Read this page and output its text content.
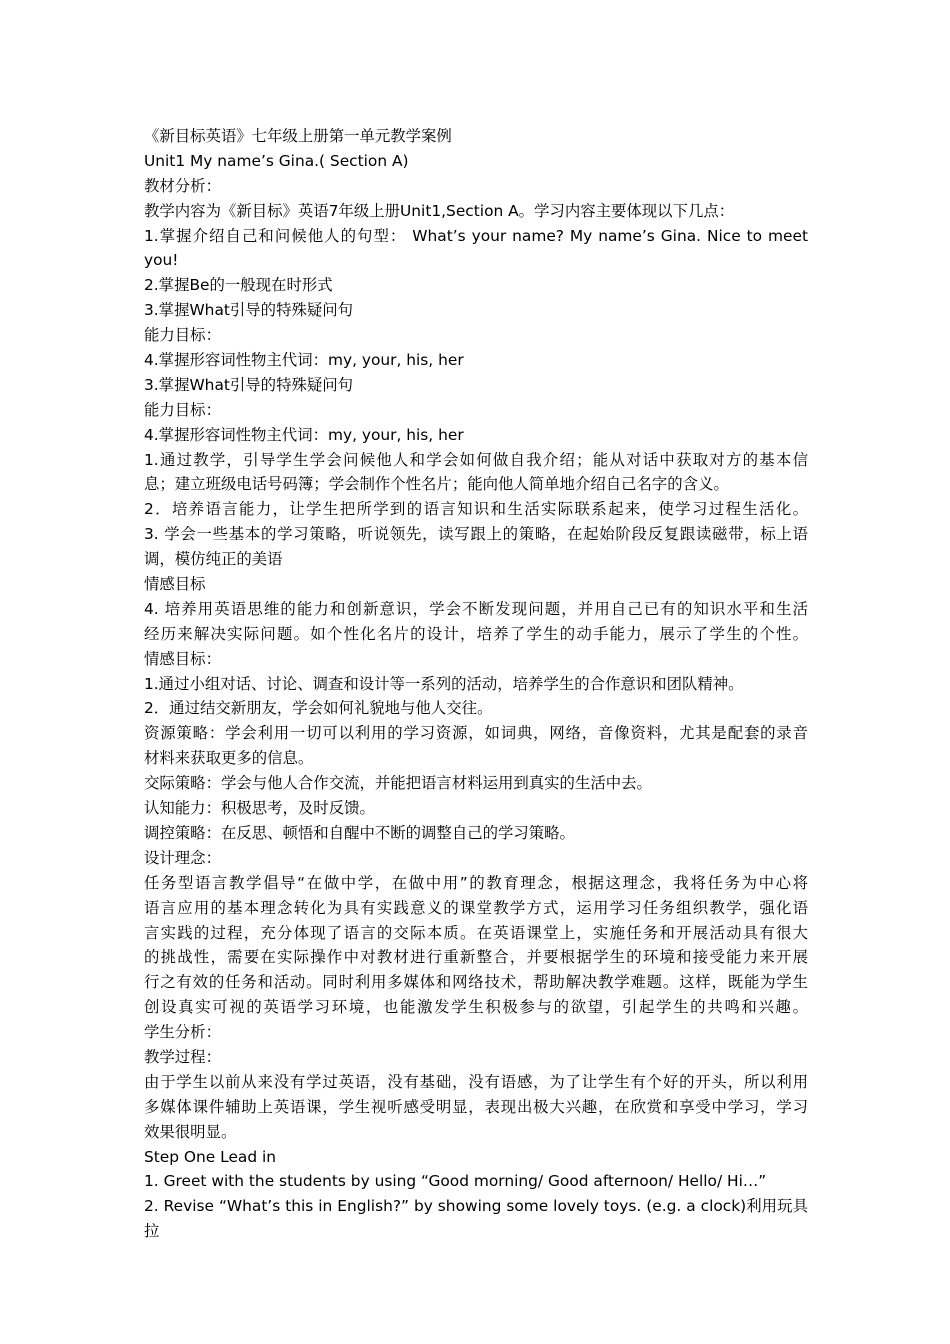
《新目标英语》七年级上册第一单元教学案例
Unit1 My name’s Gina.( Section A)
教材分析：
教学内容为《新目标》英语7年级上册Unit1,Section A。学习内容主要体现以下几点：
1.掌握介绍自己和问候他人的句型： What’s your name? My name’s Gina. Nice to meet
you!
2.掌握Be的一般现在时形式
3.掌握What引导的特殊疑问句
能力目标：
4.掌握形容词性物主代词：my, your, his, her
3.掌握What引导的特殊疑问句
能力目标：
4.掌握形容词性物主代词：my, your, his, her
1.通过教学，引导学生学会问候他人和学会如何做自我介绍；能从对话中获取对方的基本信
息；建立班级电话号码簿；学会制作个性名片；能向他人简单地介绍自己名字的含义。
2．培养语言能力，让学生把所学到的语言知识和生活实际联系起来，使学习过程生活化。
3. 学会一些基本的学习策略，听说领先，读写跟上的策略，在起始阶段反复跟读磁带，标上语
调，模仿纯正的美语
情感目标
4. 培养用英语思维的能力和创新意识，学会不断发现问题，并用自己已有的知识水平和生活
经历来解决实际问题。如个性化名片的设计，培养了学生的动手能力，展示了学生的个性。
情感目标：
1.通过小组对话、讨论、调查和设计等一系列的活动，培养学生的合作意识和团队精神。
2．通过结交新朋友，学会如何礼貌地与他人交往。
资源策略：学会利用一切可以利用的学习资源，如词典，网络，音像资料，尤其是配套的录音
材料来获取更多的信息。
交际策略：学会与他人合作交流，并能把语言材料运用到真实的生活中去。
认知能力：积极思考，及时反馈。
调控策略：在反思、顿悟和自醒中不断的调整自己的学习策略。
设计理念：
任务型语言教学倡导“在做中学，在做中用”的教育理念，根据这理念，我将任务为中心将
语言应用的基本理念转化为具有实践意义的课堂教学方式，运用学习任务组织教学，强化语
言实践的过程，充分体现了语言的交际本质。在英语课堂上，实施任务和开展活动具有很大
的挑战性，需要在实际操作中对教材进行重新整合，并要根据学生的环境和接受能力来开展
行之有效的任务和活动。同时利用多媒体和网络技术，帮助解决教学难题。这样，既能为学生
创设真实可视的英语学习环境，也能激发学生积极参与的欲望，引起学生的共鸣和兴趣。
学生分析：
教学过程：
由于学生以前从来没有学过英语，没有基础，没有语感，为了让学生有个好的开头，所以利用
多媒体课件辅助上英语课，学生视听感受明显，表现出极大兴趣，在欣赏和享受中学习，学习
效果很明显。
Step One Lead in
1. Greet with the students by using “Good morning/ Good afternoon/ Hello/ Hi…”
2. Revise “What’s this in English?” by showing some lovely toys. (e.g. a clock)利用玩具拉
